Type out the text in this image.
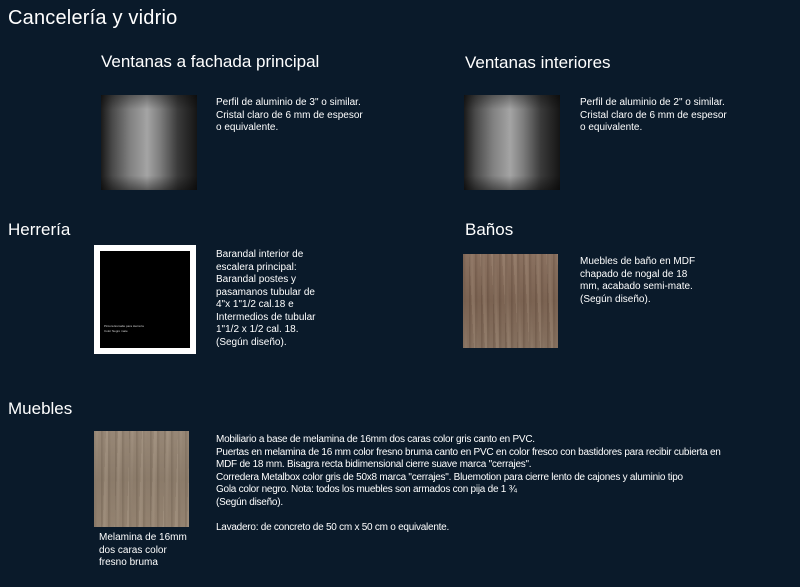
Cancelería y vidrio
Ventanas a fachada principal
Perfil de aluminio de 3" o similar.
Cristal claro de 6 mm de espesor
o equivalente.
Ventanas interiores
Perfil de aluminio de 2" o similar.
Cristal claro de 6 mm de espesor
o equivalente.
Herrería
Pintura Esmalte para Herrería
Color Negro mate
Barandal interior de
escalera principal:
Barandal postes y
pasamanos tubular de
4"x 1"1/2 cal.18 e
Intermedios de tubular
1"1/2 x 1/2 cal. 18.
(Según diseño).
Baños
Muebles de baño en MDF
chapado de nogal de 18
mm, acabado semi-mate.
(Según diseño).
Muebles
Melamina de 16mm
dos caras color
fresno bruma
Mobiliario a base de melamina de 16mm dos caras color gris canto en PVC.
Puertas en melamina de 16 mm color fresno bruma canto en PVC en color fresco con bastidores para recibir cubierta en
MDF de 18 mm. Bisagra recta bidimensional cierre suave marca "cerrajes".
Corredera Metalbox color gris de 50x8 marca "cerrajes". Bluemotion para cierre lento de cajones y aluminio tipo
Gola color negro. Nota: todos los muebles son armados con pija de 1 ¾
(Según diseño).
Lavadero: de concreto de 50 cm x 50 cm o equivalente.
